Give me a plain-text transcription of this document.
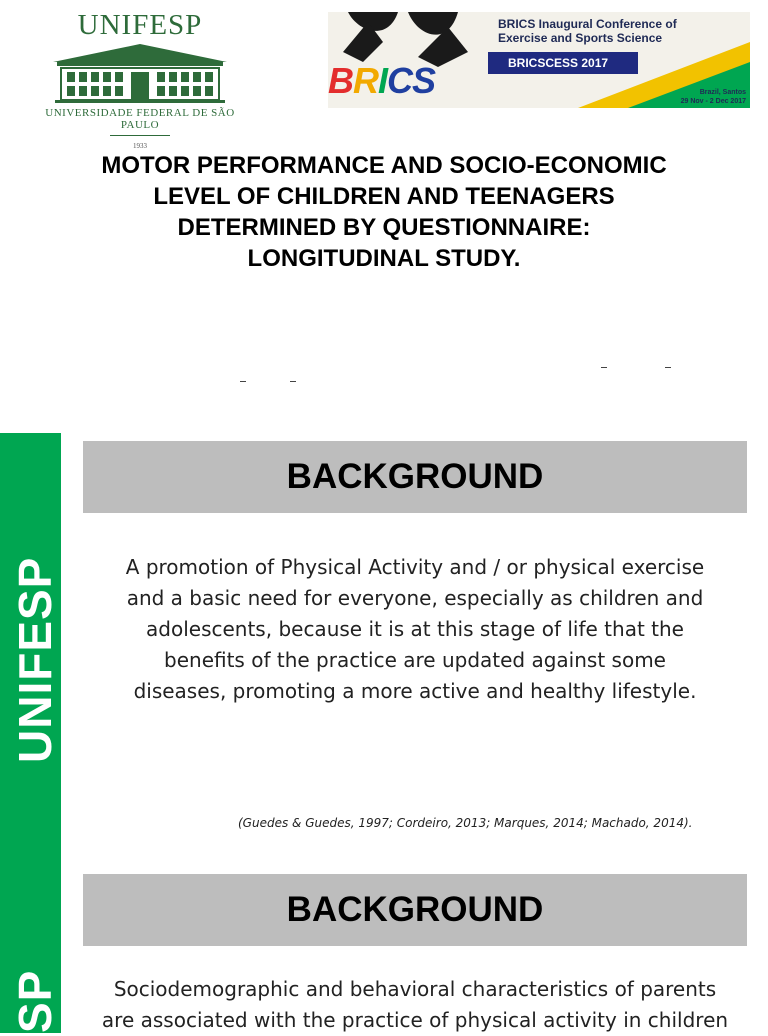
UNIFESP
UNIVERSIDADE FEDERAL DE SÃO PAULO
1933
BRICS
BRICS Inaugural Conference of
Exercise and Sports Science
BRICSCESS 2017
Brazil, Santos
29 Nov - 2 Dec 2017
MOTOR PERFORMANCE AND SOCIO-ECONOMIC
LEVEL OF CHILDREN AND TEENAGERS
DETERMINED BY QUESTIONNAIRE:
LONGITUDINAL STUDY.
UNIFESP
SP
BACKGROUND
A promotion of Physical Activity and / or physical exercise
and a basic need for everyone, especially as children and
adolescents, because it is at this stage of life that the
benefits of the practice are updated against some
diseases, promoting a more active and healthy lifestyle.
(Guedes & Guedes, 1997; Cordeiro, 2013; Marques, 2014; Machado, 2014).
BACKGROUND
Sociodemographic and behavioral characteristics of parents
are associated with the practice of physical activity in children
